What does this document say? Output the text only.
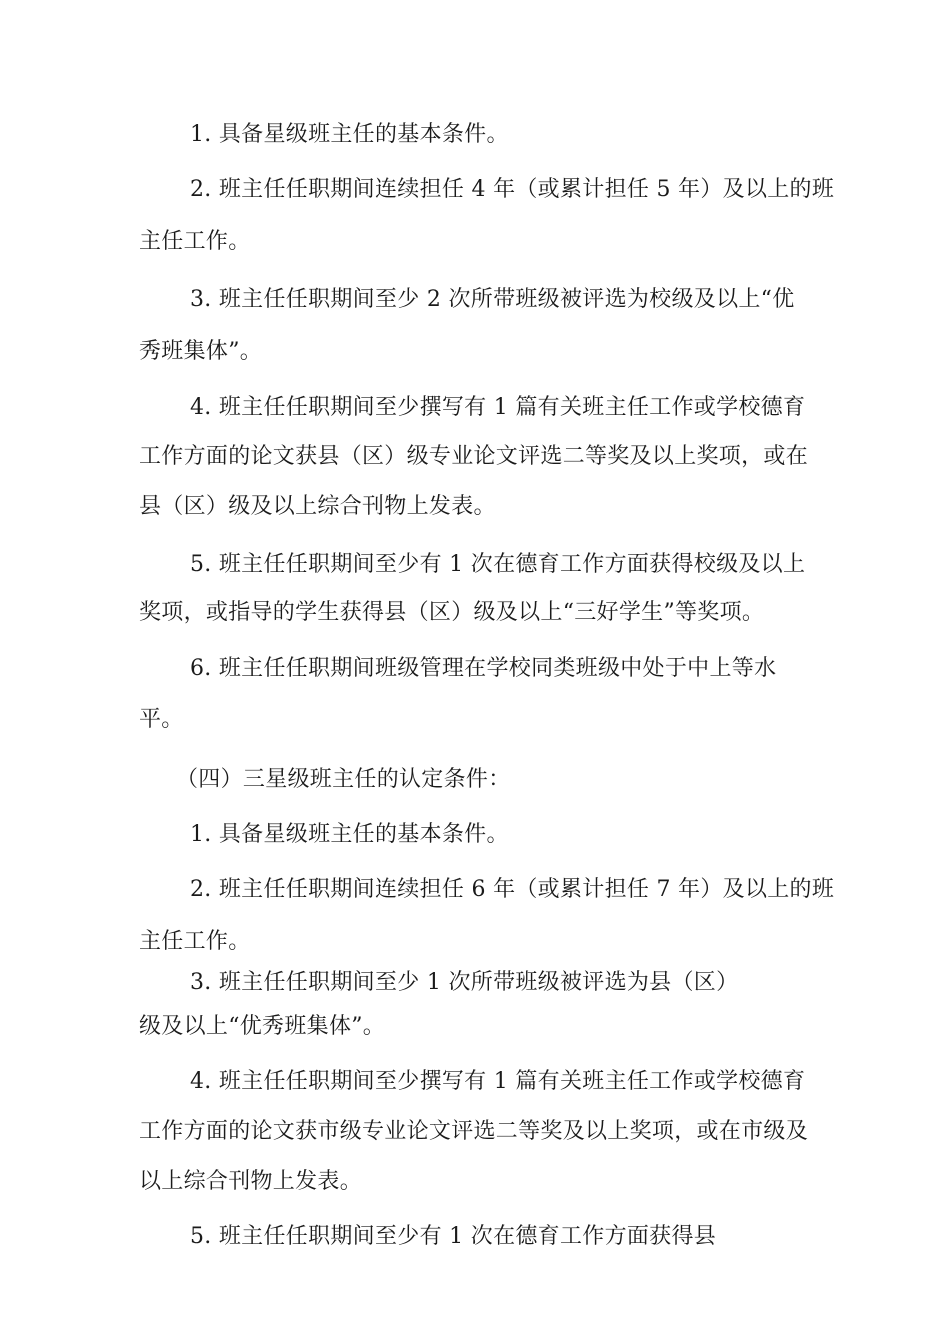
1. 具备星级班主任的基本条件。
2. 班主任任职期间连续担任 4 年（或累计担任 5 年）及以上的班
主任工作。
3. 班主任任职期间至少 2 次所带班级被评选为校级及以上“优
秀班集体”。
4. 班主任任职期间至少撰写有 1 篇有关班主任工作或学校德育
工作方面的论文获县（区）级专业论文评选二等奖及以上奖项，或在
县（区）级及以上综合刊物上发表。
5. 班主任任职期间至少有 1 次在德育工作方面获得校级及以上
奖项，或指导的学生获得县（区）级及以上“三好学生”等奖项。
6. 班主任任职期间班级管理在学校同类班级中处于中上等水
平。
（四）三星级班主任的认定条件：
1. 具备星级班主任的基本条件。
2. 班主任任职期间连续担任 6 年（或累计担任 7 年）及以上的班
主任工作。
3. 班主任任职期间至少 1 次所带班级被评选为县（区）
级及以上“优秀班集体”。
4. 班主任任职期间至少撰写有 1 篇有关班主任工作或学校德育
工作方面的论文获市级专业论文评选二等奖及以上奖项，或在市级及
以上综合刊物上发表。
5. 班主任任职期间至少有 1 次在德育工作方面获得县
